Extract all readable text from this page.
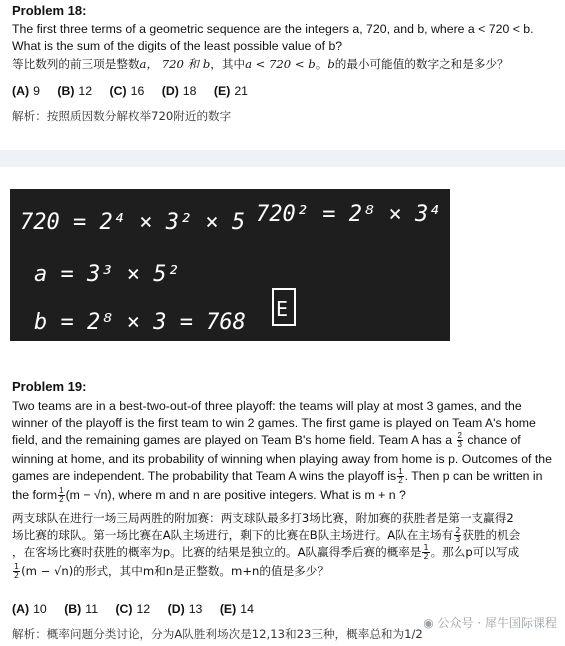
Problem 18:
The first three terms of a geometric sequence are the integers a, 720, and b, where a < 720 < b. What is the sum of the digits of the least possible value of b?
等比数列的前三项是整数a， 720 和 b，其中a < 720 < b。b的最小可能值的数字之和是多少？
(A) 9 (B) 12 (C) 16 (D) 18 (E) 21
解析：按照质因数分解枚举720附近的数字
720 = 2⁴ × 3² × 5 720² = 2⁸ × 3⁴ × 5²
a = 3³ × 5²
b = 2⁸ × 3 = 768
E
Problem 19:
Two teams are in a best-two-out-of three playoff: the teams will play at most 3 games, and the
winner of the playoff is the first team to win 2 games. The first game is played on Team A's home
field, and the remaining games are played on Team B's home field. Team A has a $\frac{2}{3}$ chance of
winning at home, and its probability of winning when playing away from home is p. Outcomes of the
games are independent. The probability that Team A wins the playoff is $\frac{1}{2}$ . Then p can be written in
the form $\frac{1}{2} (m - √n)$, where m and n are positive integers. What is m + n ?
两支球队在进行一场三局两胜的附加赛：两支球队最多打3场比赛，附加赛的获胜者是第一支赢得2
场比赛的球队。第一场比赛在A队主场进行，剩下的比赛在B队主场进行。A队在主场有 $\frac{2}{3}$ 获胜的机会
，在客场比赛时获胜的概率为p。比赛的结果是独立的。A队赢得季后赛的概率是 $\frac{1}{2}$ 。那么p可以写成
$\frac{1}{2} (m - √n)$的形式，其中m和n是正整数。m+n的值是多少？
(A) 10 (B) 11 (C) 12 (D) 13 (E) 14
◉ 公众号 · 犀牛国际课程
解析：概率问题分类讨论，分为A队胜利场次是12,13和23三种，概率总和为1/2
